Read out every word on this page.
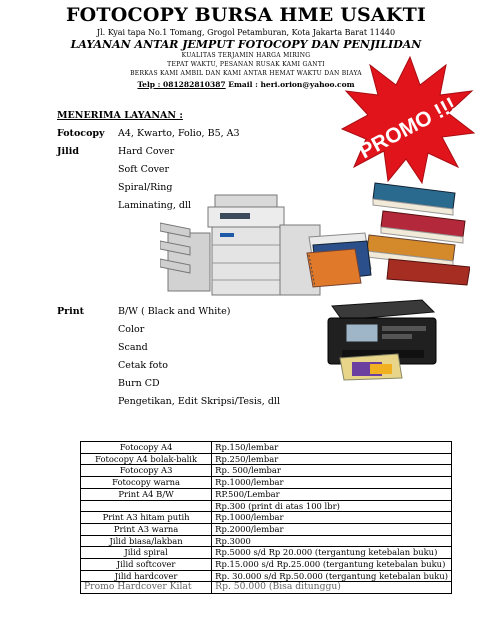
FOTOCOPY BURSA HME USAKTI
Jl. Kyai tapa No.1 Tomang, Grogol Petamburan, Kota Jakarta Barat 11440
LAYANAN ANTAR JEMPUT FOTOCOPY DAN PENJILIDAN
KUALITAS TERJAMIN HARGA MIRING
TEPAT WAKTU, PESANAN RUSAK KAMI GANTI
BERKAS KAMI AMBIL DAN KAMI ANTAR HEMAT WAKTU DAN BIAYA
Telp : 081282810387 Email : heri.orion@yahoo.com
PROMO !!!
MENERIMA LAYANAN :
Fotocopy A4, Kwarto, Folio, B5, A3
Jilid	Hard Cover
Soft Cover
Spiral/Ring
Laminating, dll
Print	B/W ( Black and White)
Color
Scand
Cetak foto
Burn CD
Pengetikan, Edit Skripsi/Tesis, dll
Fotocopy A4	Rp.150/lembar
Fotocopy A4 bolak-balik	Rp.250/lembar
Fotocopy A3	Rp. 500/lembar
Fotocopy warna	Rp.1000/lembar
Print A4 B/W	RP.500/Lembar
	Rp.300 (print di atas 100 lbr)
Print A3 hitam putih	Rp.1000/lembar
Print A3 warna	Rp.2000/lembar
Jilid biasa/lakban	Rp.3000
Jilid spiral	Rp.5000 s/d Rp 20.000 (tergantung ketebalan buku)
Jilid softcover	Rp.15.000 s/d Rp.25.000 (tergantung ketebalan buku)
Jilid hardcover	Rp. 30.000 s/d Rp.50.000 (tergantung ketebalan buku)
Promo Hardcover Kilat	Rp. 50.000 (Bisa ditunggu)
